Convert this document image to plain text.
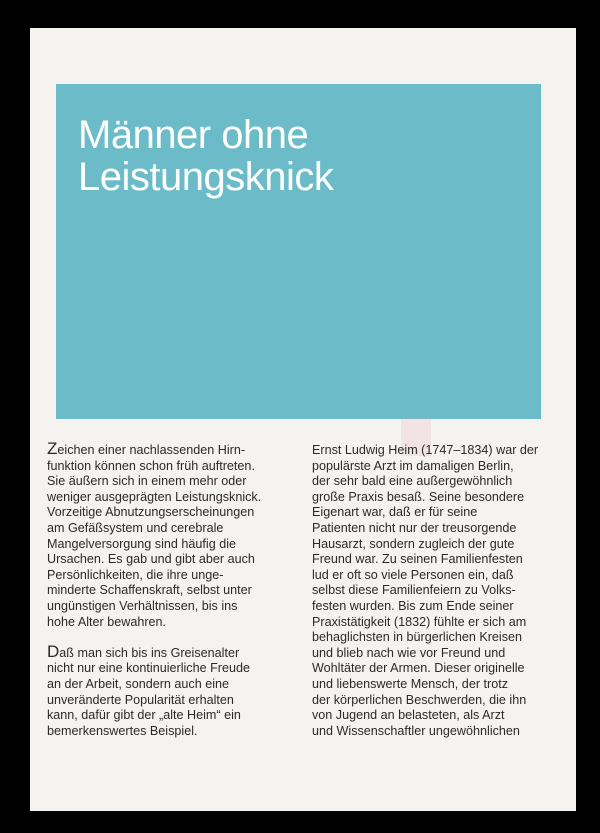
Männer ohne
Leistungsknick

Zeichen einer nachlassenden Hirn-
funktion können schon früh auftreten.
Sie äußern sich in einem mehr oder
weniger ausgeprägten Leistungsknick.
Vorzeitige Abnutzungserscheinungen
am Gefäßsystem und cerebrale
Mangelversorgung sind häufig die
Ursachen. Es gab und gibt aber auch
Persönlichkeiten, die ihre unge-
minderte Schaffenskraft, selbst unter
ungünstigen Verhältnissen, bis ins
hohe Alter bewahren.

Daß man sich bis ins Greisenalter
nicht nur eine kontinuierliche Freude
an der Arbeit, sondern auch eine
unveränderte Popularität erhalten
kann, dafür gibt der „alte Heim“ ein
bemerkenswertes Beispiel.

Ernst Ludwig Heim (1747–1834) war der
populärste Arzt im damaligen Berlin,
der sehr bald eine außergewöhnlich
große Praxis besaß. Seine besondere
Eigenart war, daß er für seine
Patienten nicht nur der treusorgende
Hausarzt, sondern zugleich der gute
Freund war. Zu seinen Familienfesten
lud er oft so viele Personen ein, daß
selbst diese Familienfeiern zu Volks-
festen wurden. Bis zum Ende seiner
Praxistätigkeit (1832) fühlte er sich am
behaglichsten in bürgerlichen Kreisen
und blieb nach wie vor Freund und
Wohltäter der Armen. Dieser originelle
und liebenswerte Mensch, der trotz
der körperlichen Beschwerden, die ihn
von Jugend an belasteten, als Arzt
und Wissenschaftler ungewöhnlichen
